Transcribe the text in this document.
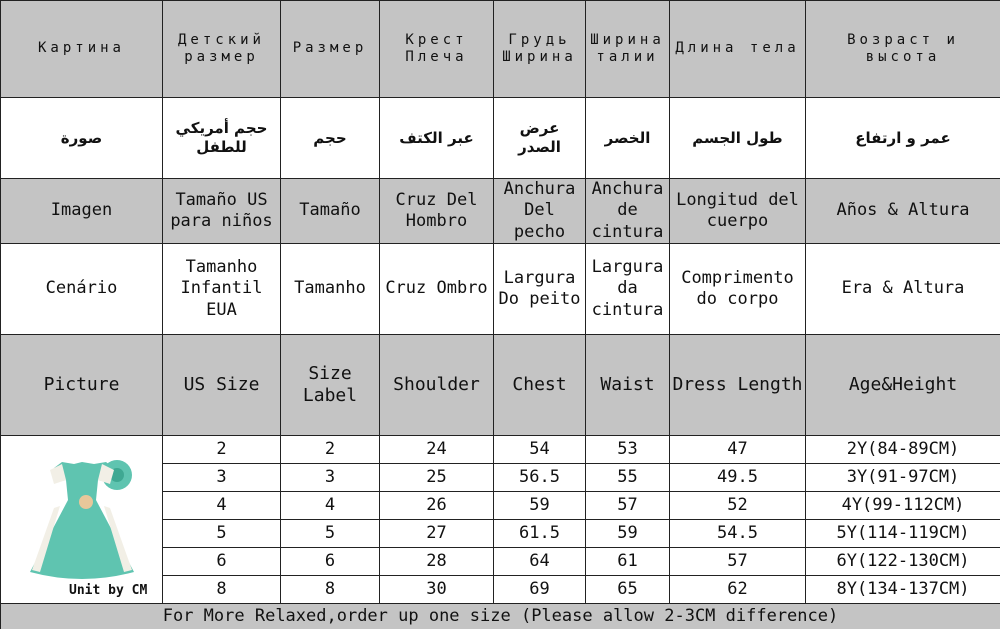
Картина	Детский размер	Размер	Крест Плеча	Грудь Ширина	Ширина талии	Длина тела	Возраст и высота

صورة	حجم أمريكي للطفل	حجم	عبر الكتف	عرض الصدر	الخصر	طول الجسم	عمر و ارتفاع

Imagen	Tamaño US para niños	Tamaño	Cruz Del Hombro	Anchura Del pecho	Anchura de cintura	Longitud del cuerpo	Años & Altura
Cenário	Tamanho Infantil EUA	Tamanho	Cruz Ombro	Largura Do peito	Largura da cintura	Comprimento do corpo	Era & Altura
Picture	US Size	Size Label	Shoulder	Chest	Waist	Dress Length	Age&Height

Unit by CM	2	2	24	54	53	47	2Y(84-89CM)
	3	3	25	56.5	55	49.5	3Y(91-97CM)
	4	4	26	59	57	52	4Y(99-112CM)
	5	5	27	61.5	59	54.5	5Y(114-119CM)
	6	6	28	64	61	57	6Y(122-130CM)
	8	8	30	69	65	62	8Y(134-137CM)
For More Relaxed,order up one size (Please allow 2-3CM difference)							
